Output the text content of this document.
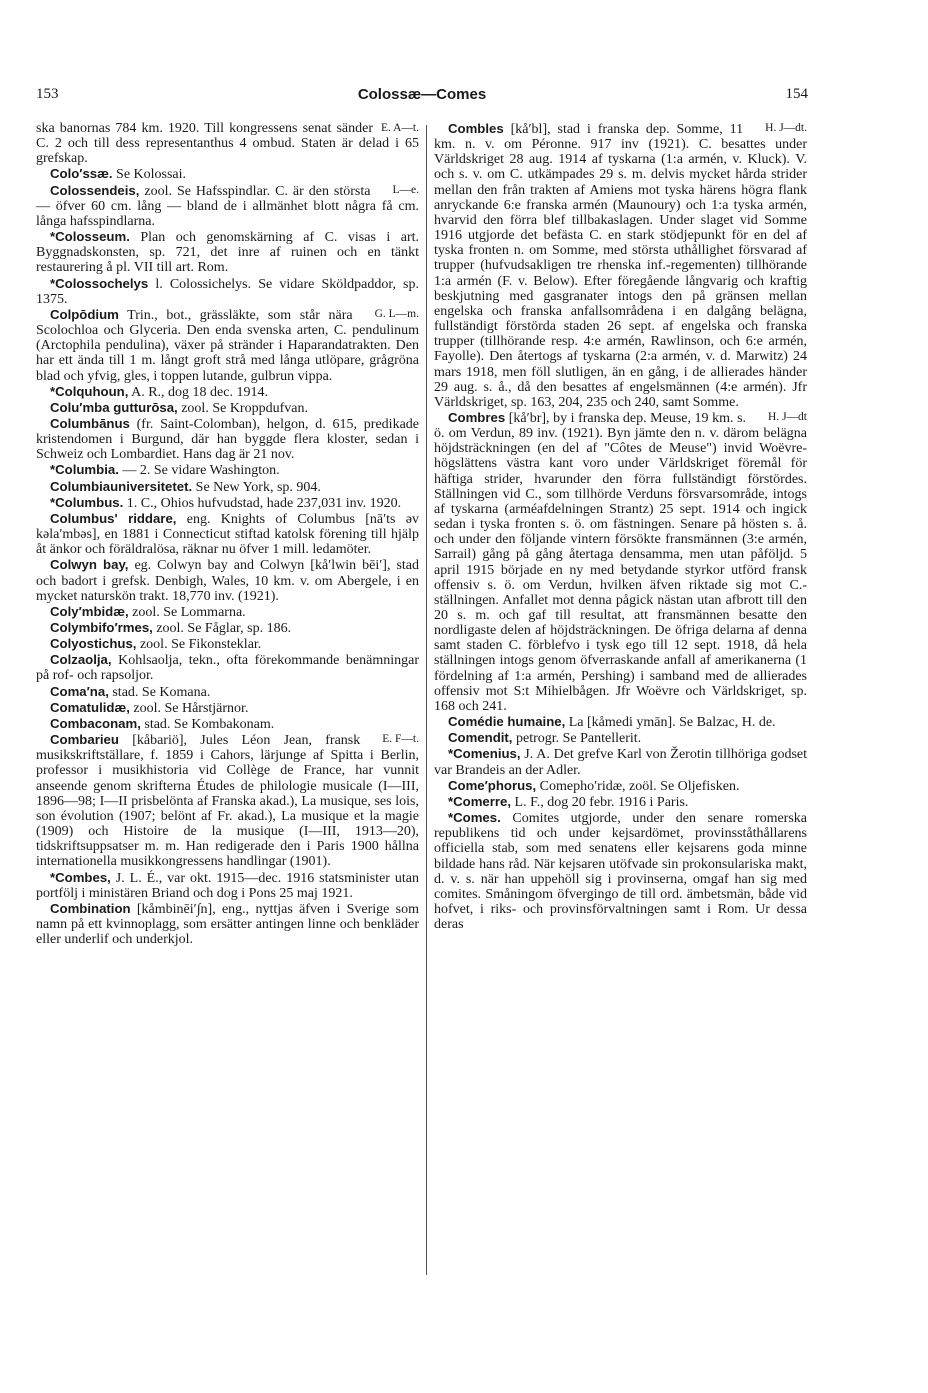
153	Colossæ—Comes	154

E. A—t.
ska banornas 784 km. 1920. Till kongressens senat sänder C. 2 och till dess representanthus 4 ombud. Staten är delad i 65 grefskap.

Colo′ssæ. Se Kolossai.

L—e.
Colossendeis, zool. Se Hafsspindlar. C. är den största — öfver 60 cm. lång — bland de i allmänhet blott några få cm. långa hafsspindlarna.

*Colosseum. Plan och genomskärning af C. visas i art. Byggnadskonsten, sp. 721, det inre af ruinen och en tänkt restaurering å pl. VII till art. Rom.

*Colossochelys l. Colossichelys. Se vidare Sköldpaddor, sp. 1375.

G. L—m.
Colpōdium Trin., bot., grässläkte, som står nära Scolochloa och Glyceria. Den enda svenska arten, C. pendulinum (Arctophila pendulina), växer på stränder i Haparandatrakten. Den har ett ända till 1 m. långt groft strå med långa utlöpare, grågröna blad och yfvig, gles, i toppen lutande, gulbrun vippa.

*Colquhoun, A. R., dog 18 dec. 1914.

Colu′mba gutturōsa, zool. Se Kroppdufvan.

Columbānus (fr. Saint-Colomban), helgon, d. 615, predikade kristendomen i Burgund, där han byggde flera kloster, sedan i Schweiz och Lombardiet. Hans dag är 21 nov.

*Columbia. — 2. Se vidare Washington.

Columbiauniversitetet. Se New York, sp. 904.

*Columbus. 1. C., Ohios hufvudstad, hade 237,031 inv. 1920.

Columbus' riddare, eng. Knights of Columbus [nā′ts əv kəla′mbəs], en 1881 i Connecticut stiftad katolsk förening till hjälp åt änkor och föräldralösa, räknar nu öfver 1 mill. ledamöter.

Colwyn bay, eg. Colwyn bay and Colwyn [kå′lwin bēi′], stad och badort i grefsk. Denbigh, Wales, 10 km. v. om Abergele, i en mycket naturskön trakt. 18,770 inv. (1921).

Coly′mbidæ, zool. Se Lommarna.

Colymbifo′rmes, zool. Se Fåglar, sp. 186.

Colyostichus, zool. Se Fikonsteklar.

Colzaolja, Kohlsaolja, tekn., ofta förekommande benämningar på rof- och rapsoljor.

Coma′na, stad. Se Komana.

Comatulidæ, zool. Se Hårstjärnor.

Combaconam, stad. Se Kombakonam.

E. F—t.
Combarieu [kåbariö], Jules Léon Jean, fransk musikskriftställare, f. 1859 i Cahors, lärjunge af Spitta i Berlin, professor i musikhistoria vid Collège de France, har vunnit anseende genom skrifterna Études de philologie musicale (I—III, 1896—98; I—II prisbelönta af Franska akad.), La musique, ses lois, son évolution (1907; belönt af Fr. akad.), La musique et la magie (1909) och Histoire de la musique (I—III, 1913—20), tidskriftsuppsatser m. m. Han redigerade den i Paris 1900 hållna internationella musikkongressens handlingar (1901).

*Combes, J. L. É., var okt. 1915—dec. 1916 statsminister utan portfölj i ministären Briand och dog i Pons 25 maj 1921.

Combination [kåmbinēi′∫n], eng., nyttjas äfven i Sverige som namn på ett kvinnoplagg, som ersätter antingen linne och benkläder eller underlif och underkjol.

H. J—dt.
Combles [kå′bl], stad i franska dep. Somme, 11 km. n. v. om Péronne. 917 inv (1921). C. besattes under Världskriget 28 aug. 1914 af tyskarna (1:a armén, v. Kluck). V. och s. v. om C. utkämpades 29 s. m. delvis mycket hårda strider mellan den från trakten af Amiens mot tyska härens högra flank anryckande 6:e franska armén (Maunoury) och 1:a tyska armén, hvarvid den förra blef tillbakaslagen. Under slaget vid Somme 1916 utgjorde det befästa C. en stark stödjepunkt för en del af tyska fronten n. om Somme, med största uthållighet försvarad af trupper (hufvudsakligen tre rhenska inf.-regementen) tillhörande 1:a armén (F. v. Below). Efter föregående långvarig och kraftig beskjutning med gasgranater intogs den på gränsen mellan engelska och franska anfallsområdena i en dalgång belägna, fullständigt förstörda staden 26 sept. af engelska och franska trupper (tillhörande resp. 4:e armén, Rawlinson, och 6:e armén, Fayolle). Den återtogs af tyskarna (2:a armén, v. d. Marwitz) 24 mars 1918, men föll slutligen, än en gång, i de allierades händer 29 aug. s. å., då den besattes af engelsmännen (4:e armén). Jfr Världskriget, sp. 163, 204, 235 och 240, samt Somme.

H. J—dt
Combres [kå′br], by i franska dep. Meuse, 19 km. s. ö. om Verdun, 89 inv. (1921). Byn jämte den n. v. därom belägna höjdsträckningen (en del af "Côtes de Meuse") invid Woëvre-högslättens västra kant voro under Världskriget föremål för häftiga strider, hvarunder den förra fullständigt förstördes. Ställningen vid C., som tillhörde Verduns försvarsområde, intogs af tyskarna (arméafdelningen Strantz) 25 sept. 1914 och ingick sedan i tyska fronten s. ö. om fästningen. Senare på hösten s. å. och under den följande vintern försökte fransmännen (3:e armén, Sarrail) gång på gång återtaga densamma, men utan påföljd. 5 april 1915 började en ny med betydande styrkor utförd fransk offensiv s. ö. om Verdun, hvilken äfven riktade sig mot C.-ställningen. Anfallet mot denna pågick nästan utan afbrott till den 20 s. m. och gaf till resultat, att fransmännen besatte den nordligaste delen af höjdsträckningen. De öfriga delarna af denna samt staden C. förblefvo i tysk ego till 12 sept. 1918, då hela ställningen intogs genom öfverraskande anfall af amerikanerna (1 fördelning af 1:a armén, Pershing) i samband med de allierades offensiv mot S:t Mihielbågen. Jfr Woëvre och Världskriget, sp. 168 och 241.

Comédie humaine, La [kåmedi ymān]. Se Balzac, H. de.

Comendit, petrogr. Se Pantellerit.

*Comenius, J. A. Det grefve Karl von Žerotin tillhöriga godset var Brandeis an der Adler.

Come′phorus, Comepho′ridæ, zoöl. Se Oljefisken.

*Comerre, L. F., dog 20 febr. 1916 i Paris.

*Comes. Comites utgjorde, under den senare romerska republikens tid och under kejsardömet, provinsståthållarens officiella stab, som med senatens eller kejsarens goda minne bildade hans råd. När kejsaren utöfvade sin prokonsulariska makt, d. v. s. när han uppehöll sig i provinserna, omgaf han sig med comites. Småningom öfvergingo de till ord. ämbetsmän, både vid hofvet, i riks- och provinsförvaltningen samt i Rom. Ur dessa deras
